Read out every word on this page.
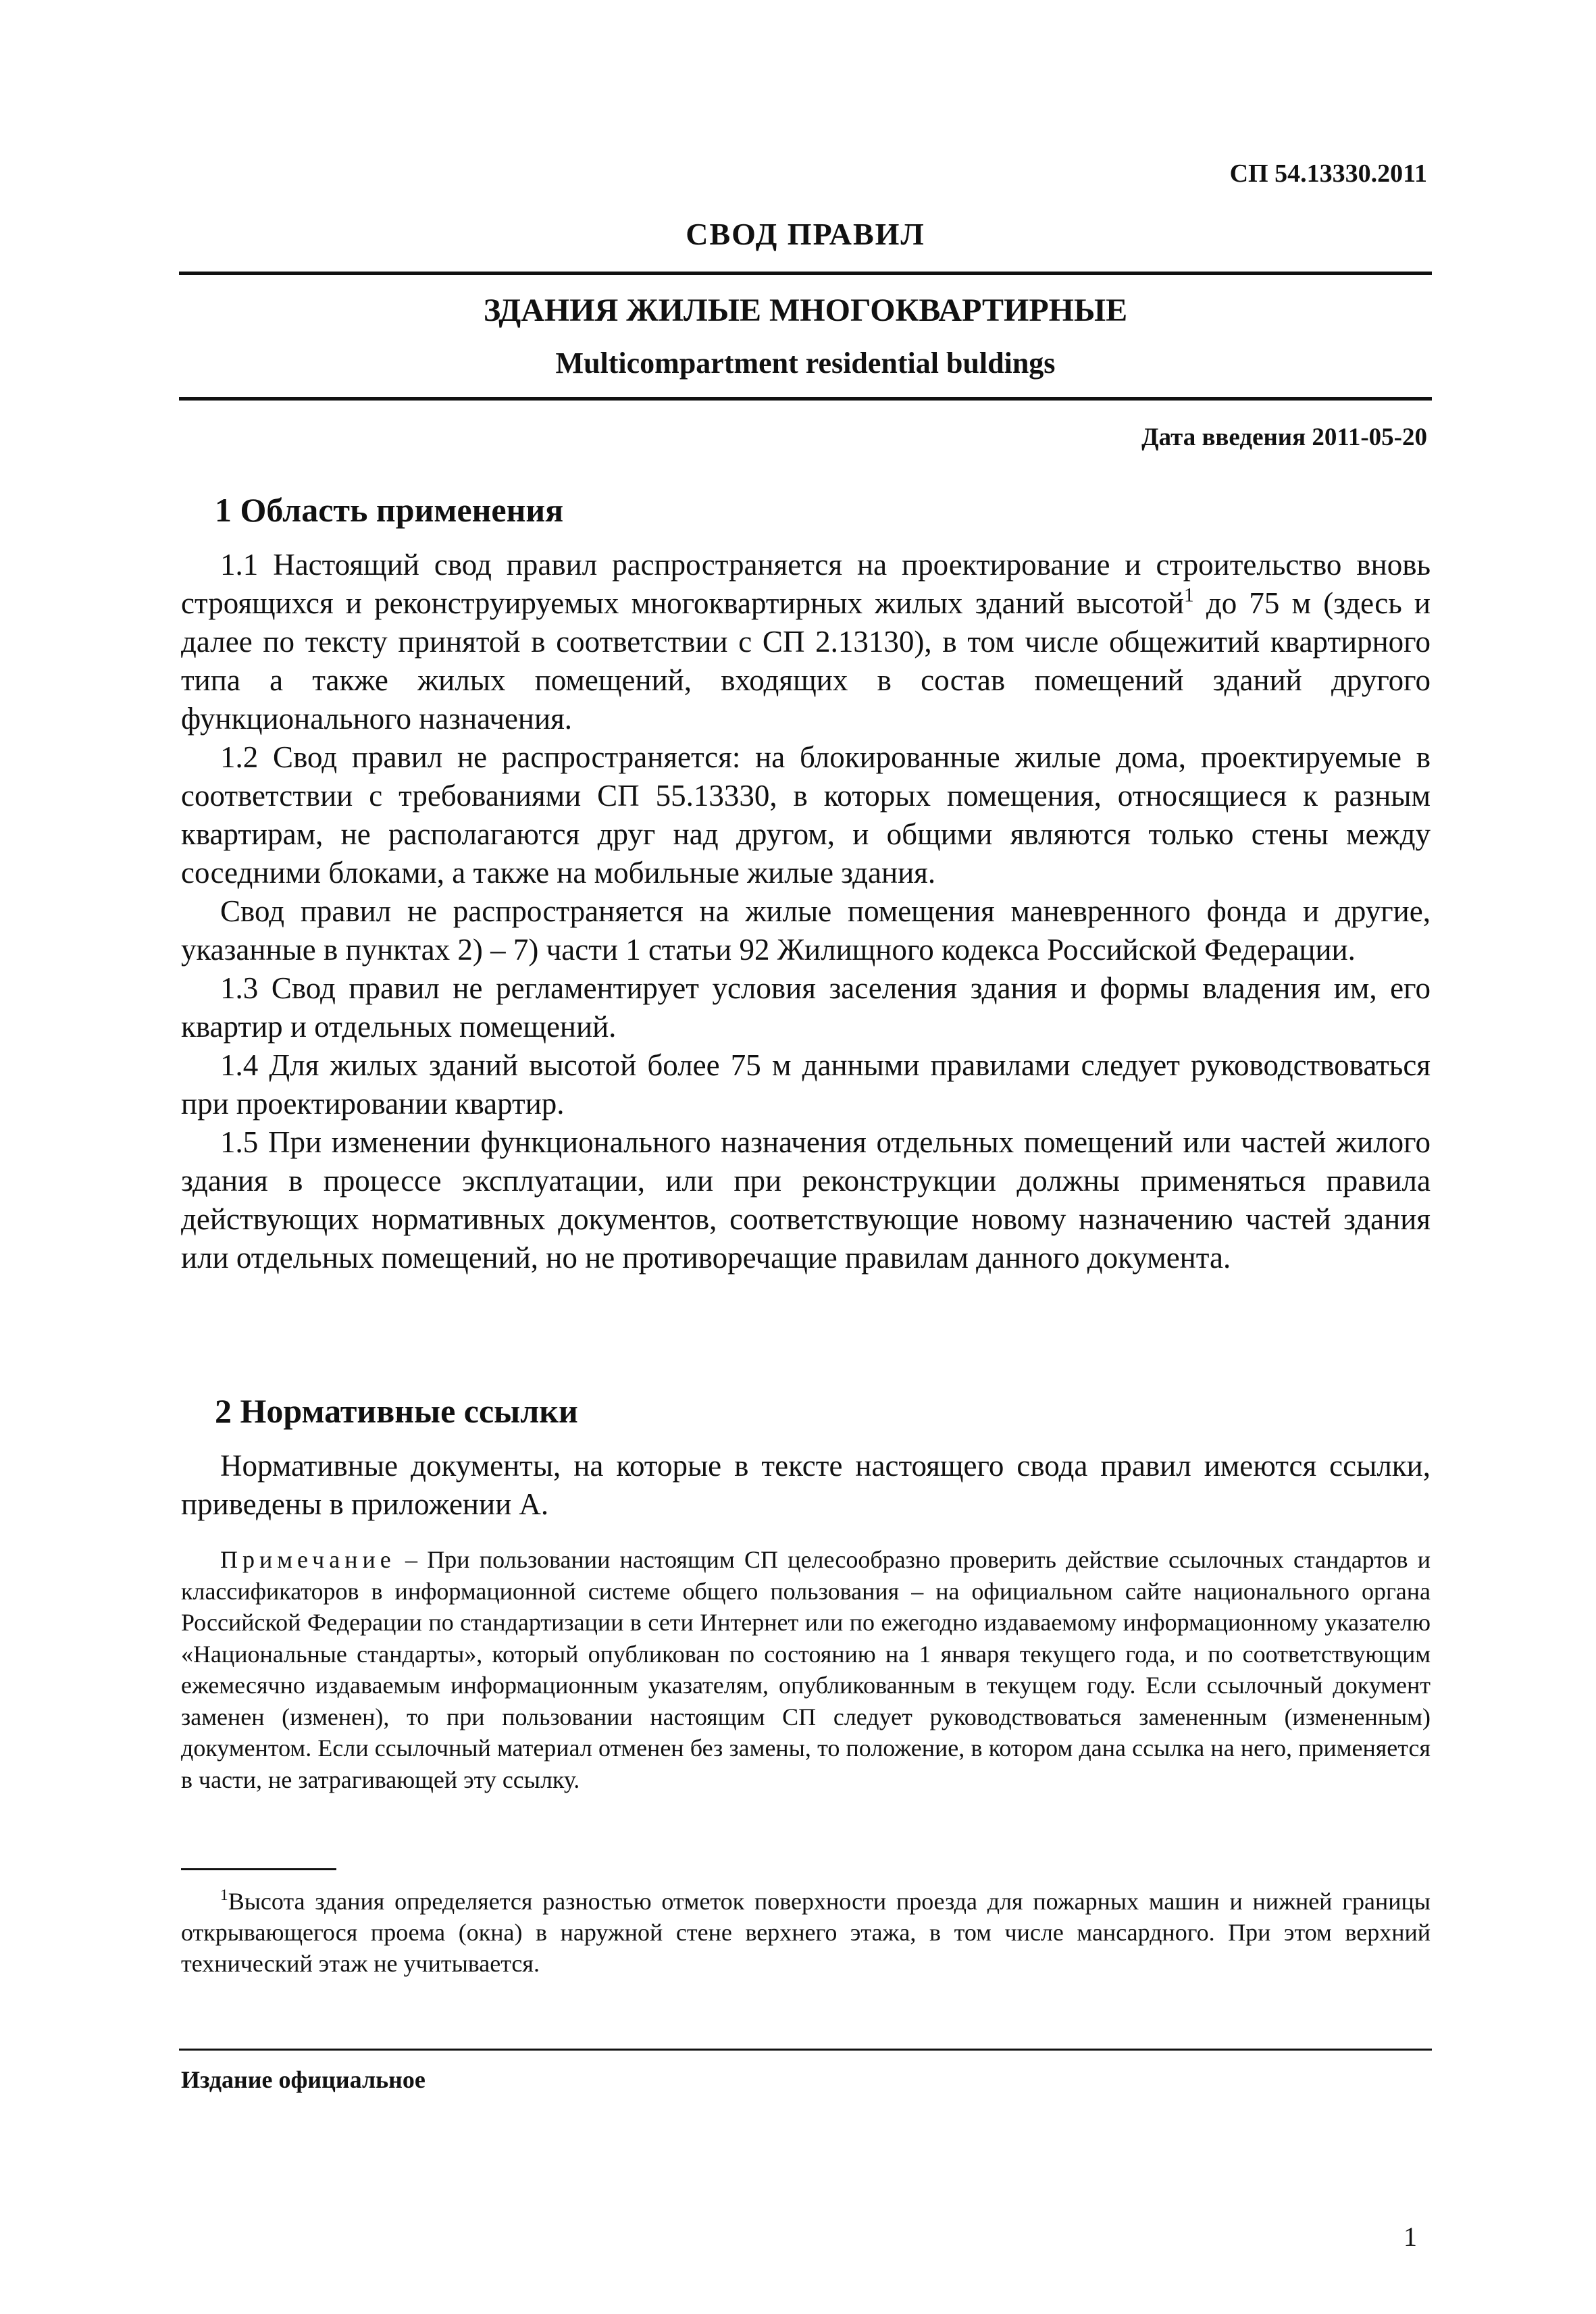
СП 54.13330.2011
СВОД ПРАВИЛ
ЗДАНИЯ ЖИЛЫЕ МНОГОКВАРТИРНЫЕ
Multicompartment residential buldings
Дата введения 2011-05-20
1 Область применения

1.1 Настоящий свод правил распространяется на проектирование и строительство вновь строящихся и реконструируемых многоквартирных жилых зданий высотой$^1$ до 75 м (здесь и далее по тексту принятой в соответствии с СП 2.13130), в том числе общежитий квартирного типа а также жилых помещений, входящих в состав помещений зданий другого функционального назначения.

1.2 Свод правил не распространяется: на блокированные жилые дома, проектируемые в соответствии с требованиями СП 55.13330, в которых помещения, относящиеся к разным квартирам, не располагаются друг над другом, и общими являются только стены между соседними блоками, а также на мобильные жилые здания.

Свод правил не распространяется на жилые помещения маневренного фонда и другие, указанные в пунктах 2) – 7) части 1 статьи 92 Жилищного кодекса Российской Федерации.

1.3 Свод правил не регламентирует условия заселения здания и формы владения им, его квартир и отдельных помещений.

1.4 Для жилых зданий высотой более 75 м данными правилами следует руководствоваться при проектировании квартир.

1.5 При изменении функционального назначения отдельных помещений или частей жилого здания в процессе эксплуатации, или при реконструкции должны применяться правила действующих нормативных документов, соответствующие новому назначению частей здания или отдельных помещений, но не противоречащие правилам данного документа.

2 Нормативные ссылки

Нормативные документы, на которые в тексте настоящего свода правил имеются ссылки, приведены в приложении А.

Примечание – При пользовании настоящим СП целесообразно проверить действие ссылочных стандартов и классификаторов в информационной системе общего пользования – на официальном сайте национального органа Российской Федерации по стандартизации в сети Интернет или по ежегодно издаваемому информационному указателю «Национальные стандарты», который опубликован по состоянию на 1 января текущего года, и по соответствующим ежемесячно издаваемым информационным указателям, опубликованным в текущем году. Если ссылочный документ заменен (изменен), то при пользовании настоящим СП следует руководствоваться замененным (измененным) документом. Если ссылочный материал отменен без замены, то положение, в котором дана ссылка на него, применяется в части, не затрагивающей эту ссылку.
$^1$Высота здания определяется разностью отметок поверхности проезда для пожарных машин и нижней границы открывающегося проема (окна) в наружной стене верхнего этажа, в том числе мансардного. При этом верхний технический этаж не учитывается.
Издание официальное
1
